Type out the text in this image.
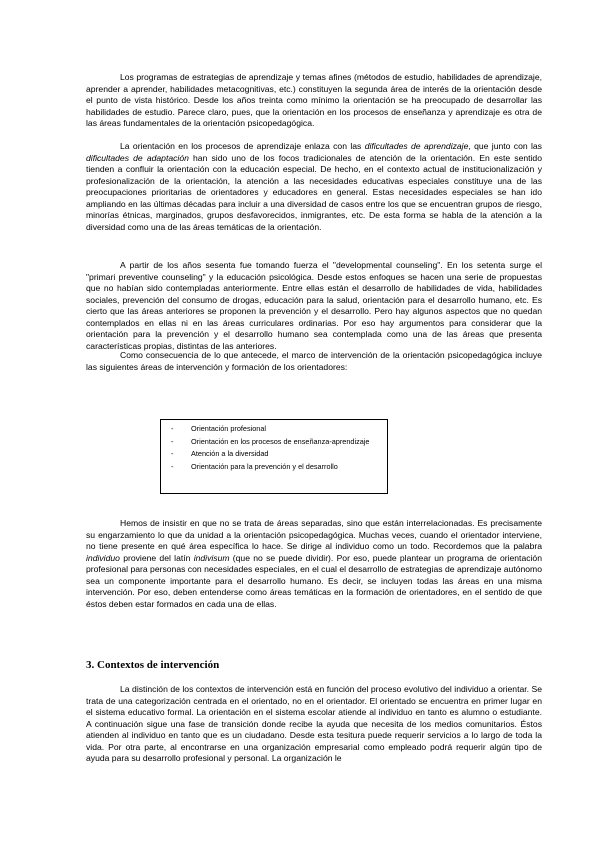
Los programas de estrategias de aprendizaje y temas afines (métodos de estudio, habilidades de aprendizaje, aprender a aprender, habilidades metacognitivas, etc.) constituyen la segunda área de interés de la orientación desde el punto de vista histórico. Desde los años treinta como mínimo la orientación se ha preocupado de desarrollar las habilidades de estudio. Parece claro, pues, que la orientación en los procesos de enseñanza y aprendizaje es otra de las áreas fundamentales de la orientación psicopedagógica.

La orientación en los procesos de aprendizaje enlaza con las dificultades de aprendizaje, que junto con las dificultades de adaptación han sido uno de los focos tradicionales de atención de la orientación. En este sentido tienden a confluir la orientación con la educación especial. De hecho, en el contexto actual de institucionalización y profesionalización de la orientación, la atención a las necesidades educativas especiales constituye una de las preocupaciones prioritarias de orientadores y educadores en general. Estas necesidades especiales se han ido ampliando en las últimas décadas para incluir a una diversidad de casos entre los que se encuentran grupos de riesgo, minorías étnicas, marginados, grupos desfavorecidos, inmigrantes, etc. De esta forma se habla de la atención a la diversidad como una de las áreas temáticas de la orientación.

A partir de los años sesenta fue tomando fuerza el "developmental counseling". En los setenta surge el "primari preventive counseling" y la educación psicológica. Desde estos enfoques se hacen una serie de propuestas que no habían sido contempladas anteriormente. Entre ellas están el desarrollo de habilidades de vida, habilidades sociales, prevención del consumo de drogas, educación para la salud, orientación para el desarrollo humano, etc. Es cierto que las áreas anteriores se proponen la prevención y el desarrollo. Pero hay algunos aspectos que no quedan contemplados en ellas ni en las áreas curriculares ordinarias. Por eso hay argumentos para considerar que la orientación para la prevención y el desarrollo humano sea contemplada como una de las áreas que presenta características propias, distintas de las anteriores.

Como consecuencia de lo que antecede, el marco de intervención de la orientación psicopedagógica incluye las siguientes áreas de intervención y formación de los orientadores:

- Orientación profesional
- Orientación en los procesos de enseñanza-aprendizaje
- Atención a la diversidad
- Orientación para la prevención y el desarrollo

Hemos de insistir en que no se trata de áreas separadas, sino que están interrelacionadas. Es precisamente su engarzamiento lo que da unidad a la orientación psicopedagógica. Muchas veces, cuando el orientador interviene, no tiene presente en qué área específica lo hace. Se dirige al individuo como un todo. Recordemos que la palabra individuo proviene del latín indivisum (que no se puede dividir). Por eso, puede plantear un programa de orientación profesional para personas con necesidades especiales, en el cual el desarrollo de estrategias de aprendizaje autónomo sea un componente importante para el desarrollo humano. Es decir, se incluyen todas las áreas en una misma intervención. Por eso, deben entenderse como áreas temáticas en la formación de orientadores, en el sentido de que éstos deben estar formados en cada una de ellas.

3. Contextos de intervención

La distinción de los contextos de intervención está en función del proceso evolutivo del individuo a orientar. Se trata de una categorización centrada en el orientado, no en el orientador. El orientado se encuentra en primer lugar en el sistema educativo formal. La orientación en el sistema escolar atiende al individuo en tanto es alumno o estudiante. A continuación sigue una fase de transición donde recibe la ayuda que necesita de los medios comunitarios. Éstos atienden al individuo en tanto que es un ciudadano. Desde esta tesitura puede requerir servicios a lo largo de toda la vida. Por otra parte, al encontrarse en una organización empresarial como empleado podrá requerir algún tipo de ayuda para su desarrollo profesional y personal. La organización le
